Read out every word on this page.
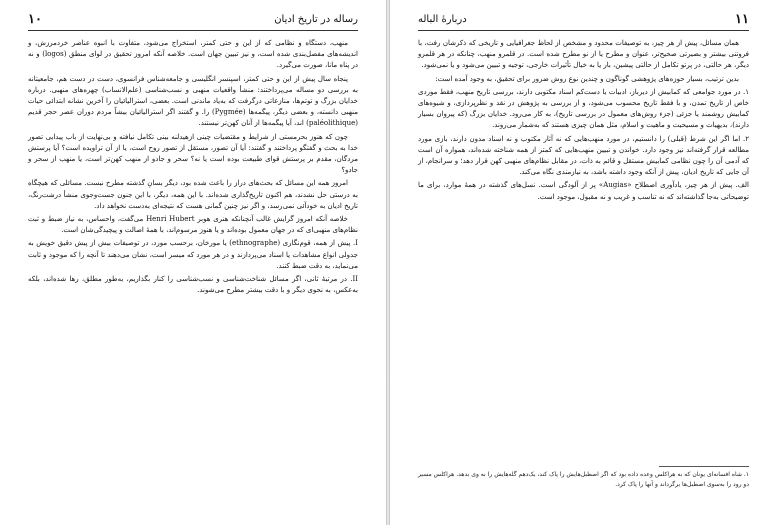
۱۰	رسالە در تاریخ ادیان

منهب، دستگاه و نظامی که از این و حتی کمتر، استخراج می‌شود، متفاوت با انبوه عناصر خردمرزش، و اندیشه‌های مفصل‌بندی شده است، و نیز تبیین جهان است. خلاصه آنکه امروز تحقیق در لوای منطق (logos) و نه در پناه مانا، صورت می‌گیرد.

پنجاه سال پیش از این و حتی کمتر، اسپنسر انگلیسی و جامعه‌شناس فرانسوی، دست در دست هم، جامعیتانه به بررسی دو مساله می‌پرداختند: منشأ واقعیات منهبی و نسب‌شناسی (علم‌الانساب) چهره‌های منهبی. درباره خدایان بزرگ و توتم‌ها، منازعاتی درگرفت که به‌یاد ماندنی است. بعضی، استرالیائیان را آخرین نشانه ابتدائی حیات منهبی دانسته، و بعضی دیگر، پیگمه‌ها (Pygmée) را. و گفتند اگر استرالیائیان بیشاً مردم دوران عصر حجر قدیم (paléolithique) اند، آیا پیگمه‌ها از آنان کهن‌تر نیستند.

چون که هنوز بحرمستی از شرایط و مقتضیات چینی ازهیدلنه بینی تکامل نیافته و بی‌نهایت از باب پیدایی تصور خدا به بحث و گفتگو پرداختند و گفتند: آیا آن تصور، مستقل از تصور روح است، یا از آن تراویده است؟ آیا پرستش مردگان، مقدم بر پرستش قوای طبیعت بوده است یا نه؟ سحر و جادو از منهب کهن‌تر است، یا منهب از سحر و جادو؟

امروز همه این مسائل که بحث‌های دراز را باعث شده بود، دیگر بسانِ گذشته مطرح نیست. مسائلی که هیچگاه به درستی حل نشدند، هم اکنون تاریخ‌گذاری شده‌اند. با این همه، دیگر، با این جنون جست‌وجوی منشأ درشت‌رنگ، تاریخ ادیان به خودآئی نمی‌رسد، و اگر نیز چنین گمانی هست که نتیجه‌ای به‌دست نخواهد داد.

خلاصه آنکه امروز گرایش غالب آنچنانکه هنری هوبر Henri Hubert می‌گفت، واحساس، به نیاز ضبط و ثبت نظام‌های منهبی‌ای که در جهان معمول بوده‌اند و یا هنوز مرسوم‌اند، با همهٔ اصالت و پیچیدگی‌شان است.

I. پیش از همه، قوم‌نگاری (ethnographe) یا مورخان، برحسب مورد، در توصیفات بیش از پیش دقیق خویش به جدولی انواع مشاهدات یا اسناد می‌پردازند و در هر مورد که میسر است، نشان می‌دهند تا آنچه را که موجود و ثابت می‌نماید، به دقت ضبط کنند.

II. در مرتبهٔ ثانی، اگر مسائل شناخت‌شناسی و نسب‌شناسی را کنار بگذاریم، به‌طور مطلق، رها شده‌اند، بلکه به‌عکس، به نحوی دیگر و با دقت بیشتر مطرح می‌شوند.

دربارهٔ الباله	۱۱

همان مسائل، پیش از هر چیز، به توصیفات محدود و مشخص از لحاظ جغرافیایی و تاریخی که ذکرشان رفت، با فروتنی بیشتر و بصیرتی صحیح‌تر، عنوان و مطرح یا از نو مطرح شده است. در قلمرو منهب، چنانکه در هر قلمرو دیگر، هر حالتی، در پرتو تکامل از حالتی پیشین، بار یا به خیال تأثیرات خارجی، توجیه و تبیین می‌شود و یا نمی‌شود.

بدین ترتیب، بسیار حوزه‌های پژوهشی گوناگون و چندین نوع روش ضرور برای تحقیق، به وجود آمده است:

۱. در مورد جوامعی که کمابیش از دیرباز، ادبیات یا دست‌کم اسناد مکتوبی دارند، بررسی تاریخ منهب، فقط موردی خاص از تاریخ تمدن، و با فقط تاریخ محسوب می‌شود، و از بررسی به پژوهش در نقد و نظرپردازی، و شیوه‌های کمابیش روشمند یا جزئی (جزء روش‌های معمول در بررسی تاریخ)، به کار می‌رود. خدایان بزرگ (که پیروان بسیار دارند)، بدیهیات و مسیحیت و ماهیت و اسلام، مثل همان چیزی هستند که به‌شمار می‌روند.

۲. اما اگر این شرط (قبلی) را دانستیم، در مورد منهب‌هایی که نه آثار مکتوب و نه اسناد مدون دارند، بازی مورد مطالعه قرار گرفته‌اند نیز وجود دارد. خواندن و تبیین منهب‌هایی که کمتر از همه شناخته شده‌اند، همواره آن است که آدمی آن را چون نظامی کمابیش مستقل و قائم به ذات، در مقابل نظام‌های منهبی کهن قرار دهد؛ و سرانجام، از آن جایی که تاریخ ادیان، پیش از آنکه وجود داشته باشد، به نیازمندی نگاه می‌کند.

الف. پیش از هر چیز، یادآوری اصطلاح «Augias» پر از آلودگی است. نسل‌های گذشته در همهٔ موارد، برای ما توضیحاتی به‌جا گذاشته‌اند که نه تناسب و غریب و نه مقبول، موجود است.

۱. شاه افسانه‌ای یونان که به هراکلس وعده داده بود که اگر اصطبل‌هایش را پاک کند، یک‌دهم گله‌هایش را به وی بدهد. هراکلس مسیر دو رود را به‌سوی اصطبل‌ها برگرداند و آنها را پاک کرد.
